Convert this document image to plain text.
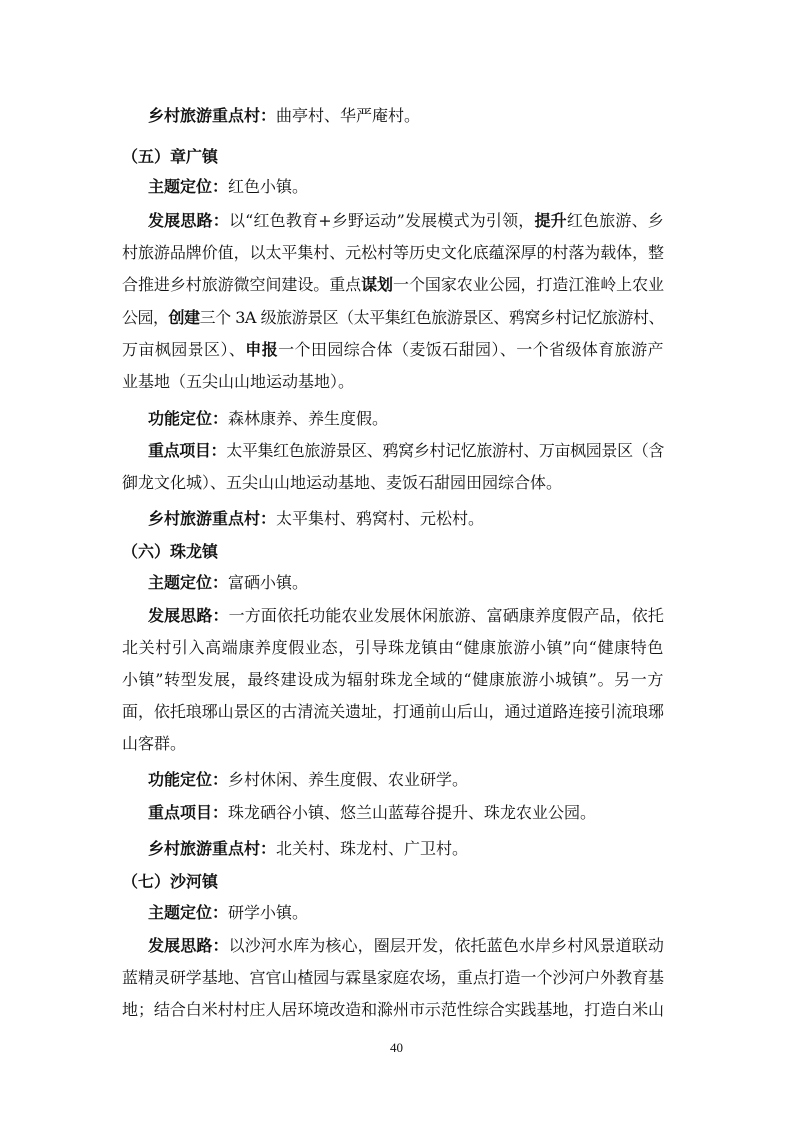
乡村旅游重点村：曲亭村、华严庵村。
（五）章广镇
主题定位：红色小镇。
发展思路：以“红色教育+乡野运动”发展模式为引领，提升红色旅游、乡
村旅游品牌价值，以太平集村、元松村等历史文化底蕴深厚的村落为载体，整
合推进乡村旅游微空间建设。重点谋划一个国家农业公园，打造江淮岭上农业
公园，创建三个 3A 级旅游景区（太平集红色旅游景区、鸦窝乡村记忆旅游村、
万亩枫园景区）、申报一个田园综合体（麦饭石甜园）、一个省级体育旅游产
业基地（五尖山山地运动基地）。
功能定位：森林康养、养生度假。
重点项目：太平集红色旅游景区、鸦窝乡村记忆旅游村、万亩枫园景区（含
御龙文化城）、五尖山山地运动基地、麦饭石甜园田园综合体。
乡村旅游重点村：太平集村、鸦窝村、元松村。
（六）珠龙镇
主题定位：富硒小镇。
发展思路：一方面依托功能农业发展休闲旅游、富硒康养度假产品，依托
北关村引入高端康养度假业态，引导珠龙镇由“健康旅游小镇”向“健康特色
小镇”转型发展，最终建设成为辐射珠龙全域的“健康旅游小城镇”。另一方
面，依托琅琊山景区的古清流关遗址，打通前山后山，通过道路连接引流琅琊
山客群。
功能定位：乡村休闲、养生度假、农业研学。
重点项目：珠龙硒谷小镇、悠兰山蓝莓谷提升、珠龙农业公园。
乡村旅游重点村：北关村、珠龙村、广卫村。
（七）沙河镇
主题定位：研学小镇。
发展思路：以沙河水库为核心，圈层开发，依托蓝色水岸乡村风景道联动
蓝精灵研学基地、宫官山楂园与霖垦家庭农场，重点打造一个沙河户外教育基
地；结合白米村村庄人居环境改造和滁州市示范性综合实践基地，打造白米山
40
